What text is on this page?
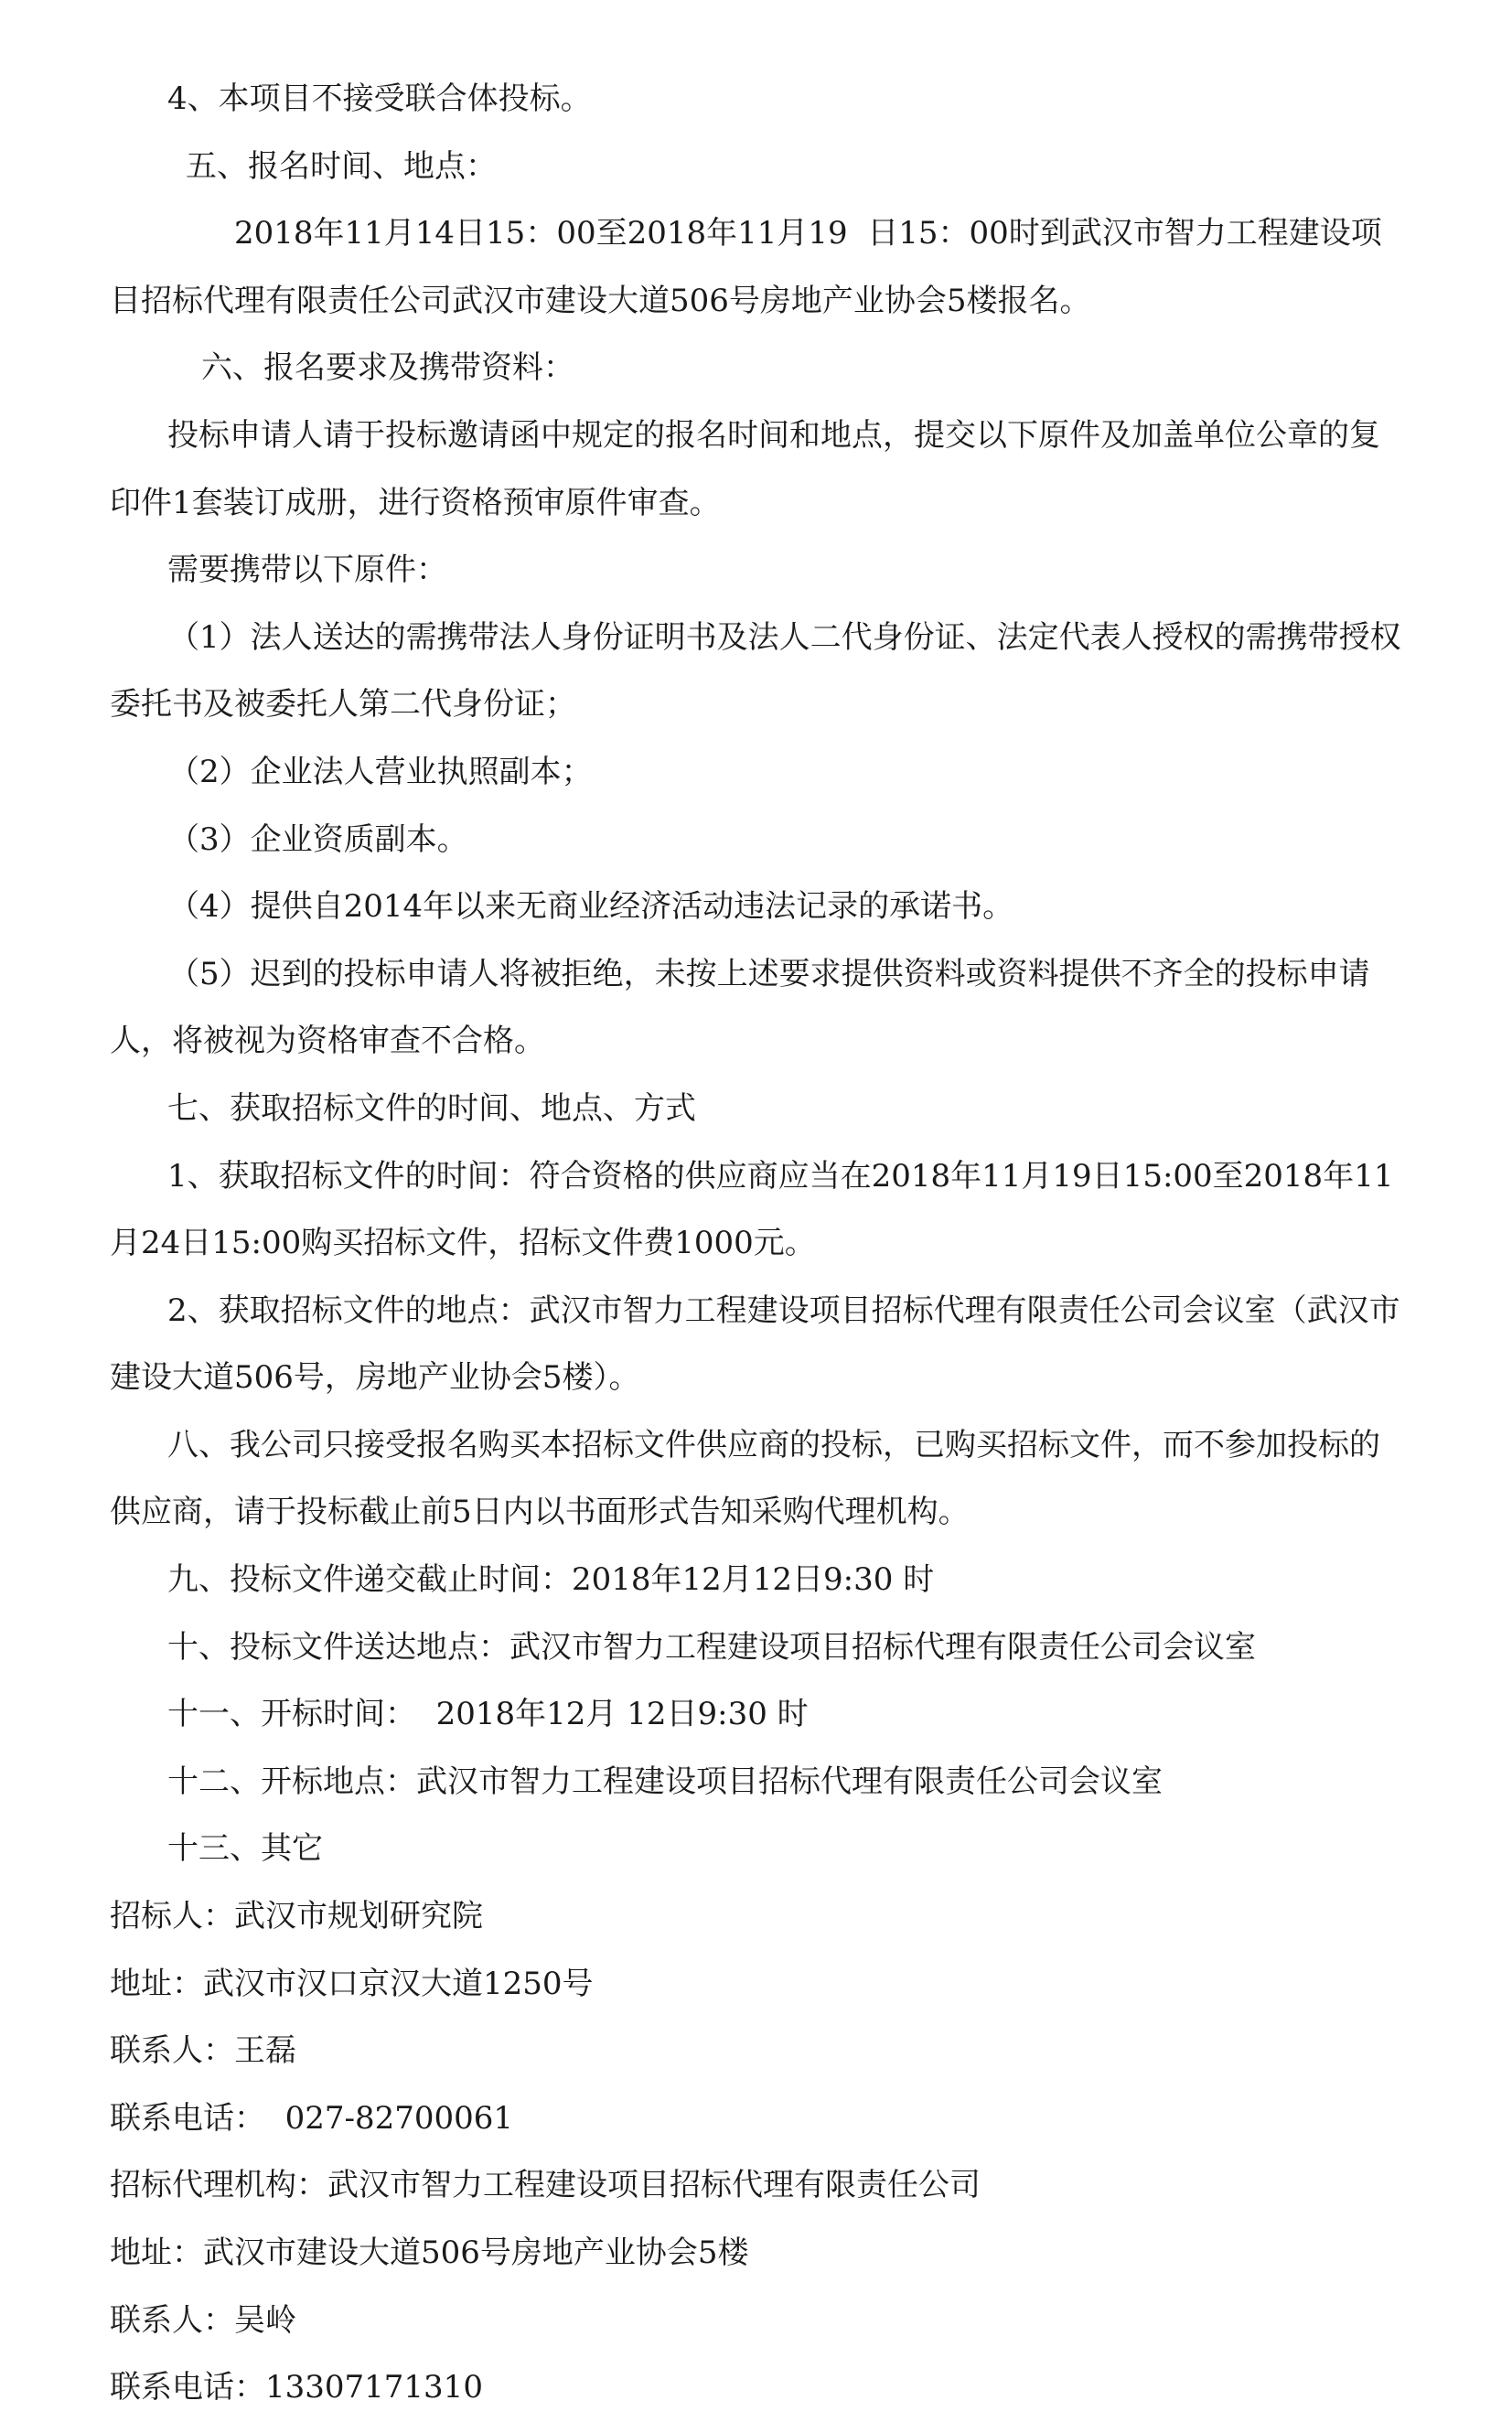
4、本项目不接受联合体投标。

五、报名时间、地点：

2018年11月14日15：00至2018年11月19  日15：00时到武汉市智力工程建设项目招标代理有限责任公司武汉市建设大道506号房地产业协会5楼报名。

六、报名要求及携带资料：

投标申请人请于投标邀请函中规定的报名时间和地点，提交以下原件及加盖单位公章的复印件1套装订成册，进行资格预审原件审查。

需要携带以下原件：

（1）法人送达的需携带法人身份证明书及法人二代身份证、法定代表人授权的需携带授权委托书及被委托人第二代身份证；

（2）企业法人营业执照副本；

（3）企业资质副本。

（4）提供自2014年以来无商业经济活动违法记录的承诺书。

（5）迟到的投标申请人将被拒绝，未按上述要求提供资料或资料提供不齐全的投标申请人，将被视为资格审查不合格。

七、获取招标文件的时间、地点、方式

1、获取招标文件的时间：符合资格的供应商应当在2018年11月19日15:00至2018年11月24日15:00购买招标文件，招标文件费1000元。

2、获取招标文件的地点：武汉市智力工程建设项目招标代理有限责任公司会议室（武汉市建设大道506号，房地产业协会5楼）。

八、我公司只接受报名购买本招标文件供应商的投标，已购买招标文件，而不参加投标的供应商，请于投标截止前5日内以书面形式告知采购代理机构。

九、投标文件递交截止时间：2018年12月12日9:30 时

十、投标文件送达地点：武汉市智力工程建设项目招标代理有限责任公司会议室

十一、开标时间：  2018年12月 12日9:30 时

十二、开标地点：武汉市智力工程建设项目招标代理有限责任公司会议室

十三、其它

招标人：武汉市规划研究院

地址：武汉市汉口京汉大道1250号

联系人：王磊

联系电话：  027-82700061

招标代理机构：武汉市智力工程建设项目招标代理有限责任公司

地址：武汉市建设大道506号房地产业协会5楼

联系人：吴岭

联系电话：13307171310
